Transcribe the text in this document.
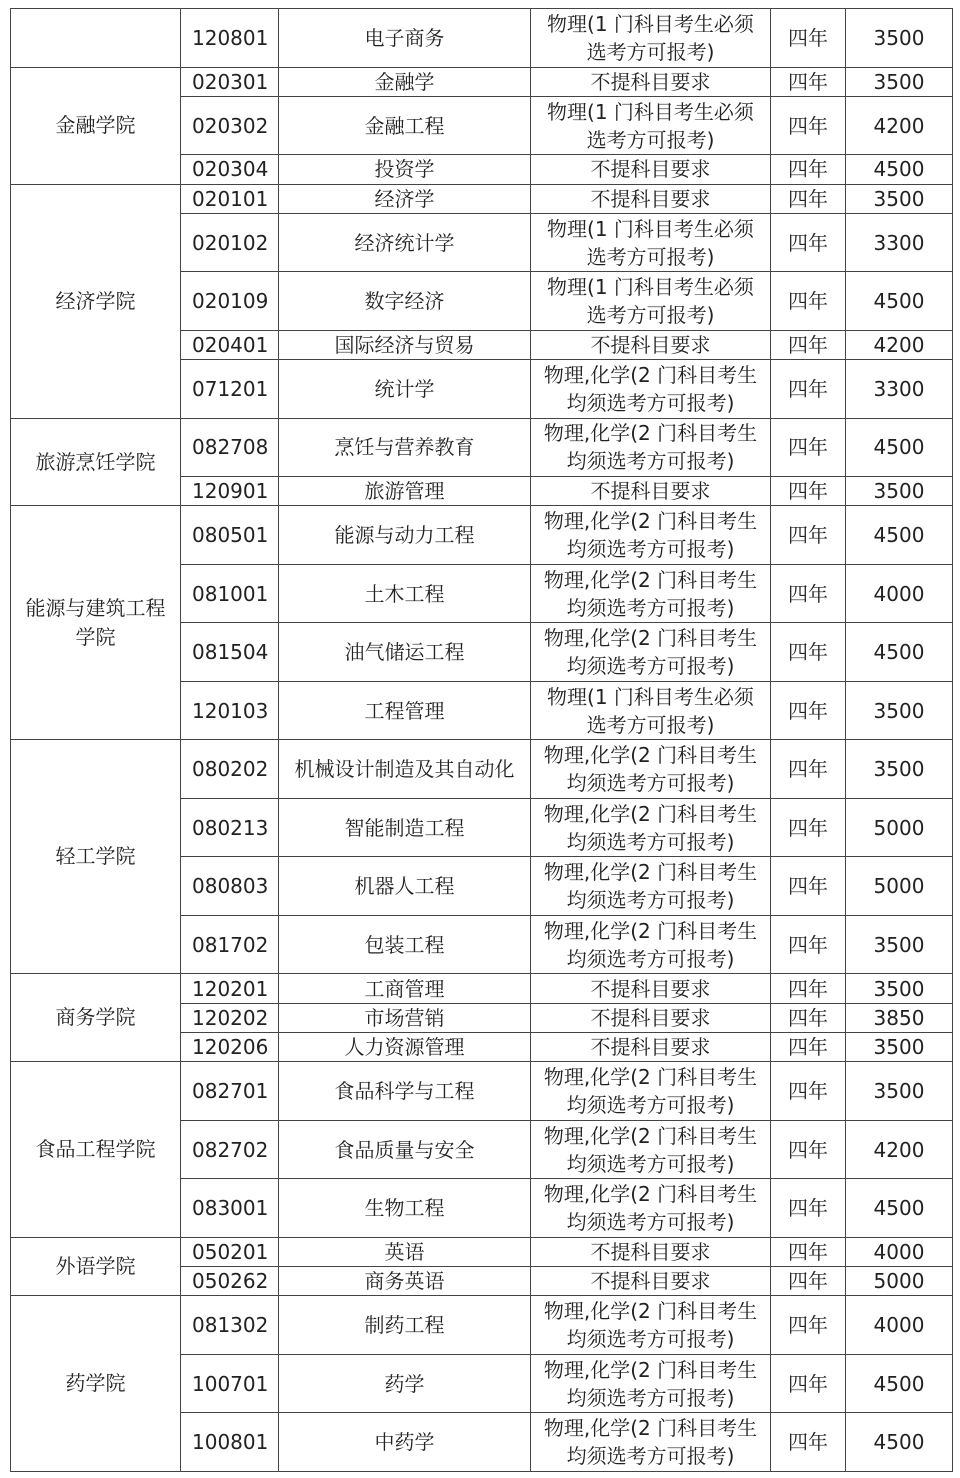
	120801	电子商务	物理(1 门科目考生必须
选考方可报考)	四年	3500
金融学院	020301	金融学	不提科目要求	四年	3500
	020302	金融工程	物理(1 门科目考生必须
选考方可报考)	四年	4200
	020304	投资学	不提科目要求	四年	4500
经济学院	020101	经济学	不提科目要求	四年	3500
	020102	经济统计学	物理(1 门科目考生必须
选考方可报考)	四年	3300
	020109	数字经济	物理(1 门科目考生必须
选考方可报考)	四年	4500
	020401	国际经济与贸易	不提科目要求	四年	4200
	071201	统计学	物理,化学(2 门科目考生
均须选考方可报考)	四年	3300
旅游烹饪学院	082708	烹饪与营养教育	物理,化学(2 门科目考生
均须选考方可报考)	四年	4500
	120901	旅游管理	不提科目要求	四年	3500
能源与建筑工程
学院	080501	能源与动力工程	物理,化学(2 门科目考生
均须选考方可报考)	四年	4500
	081001	土木工程	物理,化学(2 门科目考生
均须选考方可报考)	四年	4000
	081504	油气储运工程	物理,化学(2 门科目考生
均须选考方可报考)	四年	4500
	120103	工程管理	物理(1 门科目考生必须
选考方可报考)	四年	3500
轻工学院	080202	机械设计制造及其自动化	物理,化学(2 门科目考生
均须选考方可报考)	四年	3500
	080213	智能制造工程	物理,化学(2 门科目考生
均须选考方可报考)	四年	5000
	080803	机器人工程	物理,化学(2 门科目考生
均须选考方可报考)	四年	5000
	081702	包装工程	物理,化学(2 门科目考生
均须选考方可报考)	四年	3500
商务学院	120201	工商管理	不提科目要求	四年	3500
	120202	市场营销	不提科目要求	四年	3850
	120206	人力资源管理	不提科目要求	四年	3500
食品工程学院	082701	食品科学与工程	物理,化学(2 门科目考生
均须选考方可报考)	四年	3500
	082702	食品质量与安全	物理,化学(2 门科目考生
均须选考方可报考)	四年	4200
	083001	生物工程	物理,化学(2 门科目考生
均须选考方可报考)	四年	4500
外语学院	050201	英语	不提科目要求	四年	4000
	050262	商务英语	不提科目要求	四年	5000
药学院	081302	制药工程	物理,化学(2 门科目考生
均须选考方可报考)	四年	4000
	100701	药学	物理,化学(2 门科目考生
均须选考方可报考)	四年	4500
	100801	中药学	物理,化学(2 门科目考生
均须选考方可报考)	四年	4500
